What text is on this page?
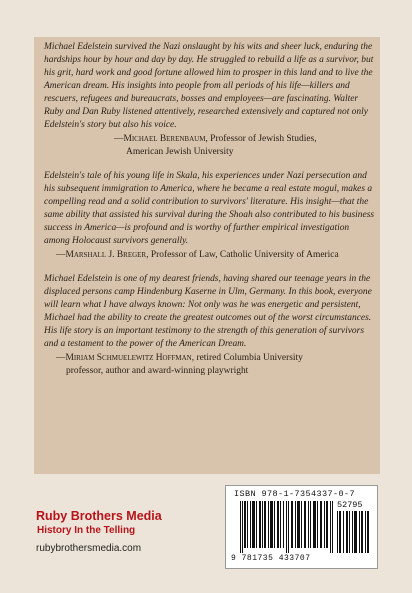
Michael Edelstein survived the Nazi onslaught by his wits and sheer luck, enduring the hardships hour by hour and day by day. He struggled to rebuild a life as a survivor, but his grit, hard work and good fortune allowed him to prosper in this land and to live the American dream. His insights into people from all periods of his life—killers and rescuers, refugees and bureaucrats, bosses and employees—are fascinating. Walter Ruby and Dan Ruby listened attentively, researched extensively and captured not only Edelstein's story but also his voice.

—Michael Berenbaum, Professor of Jewish Studies,
American Jewish University

Edelstein's tale of his young life in Skala, his experiences under Nazi persecution and his subsequent immigration to America, where he became a real estate mogul, makes a compelling read and a solid contribution to survivors' literature. His insight—that the same ability that assisted his survival during the Shoah also contributed to his business success in America—is profound and is worthy of further empirical investigation among Holocaust survivors generally.

—Marshall J. Breger, Professor of Law, Catholic University of America

Michael Edelstein is one of my dearest friends, having shared our teenage years in the displaced persons camp Hindenburg Kaserne in Ulm, Germany. In this book, everyone will learn what I have always known: Not only was he was energetic and persistent, Michael had the ability to create the greatest outcomes out of the worst circumstances. His life story is an important testimony to the strength of this generation of survivors and a testament to the power of the American Dream.

—Miriam Schmuelewitz Hoffman, retired Columbia University
professor, author and award-winning playwright
Ruby Brothers Media
History In the Telling
rubybrothersmedia.com
ISBN 978-1-7354337-0-7
52795
9 781735 433707
